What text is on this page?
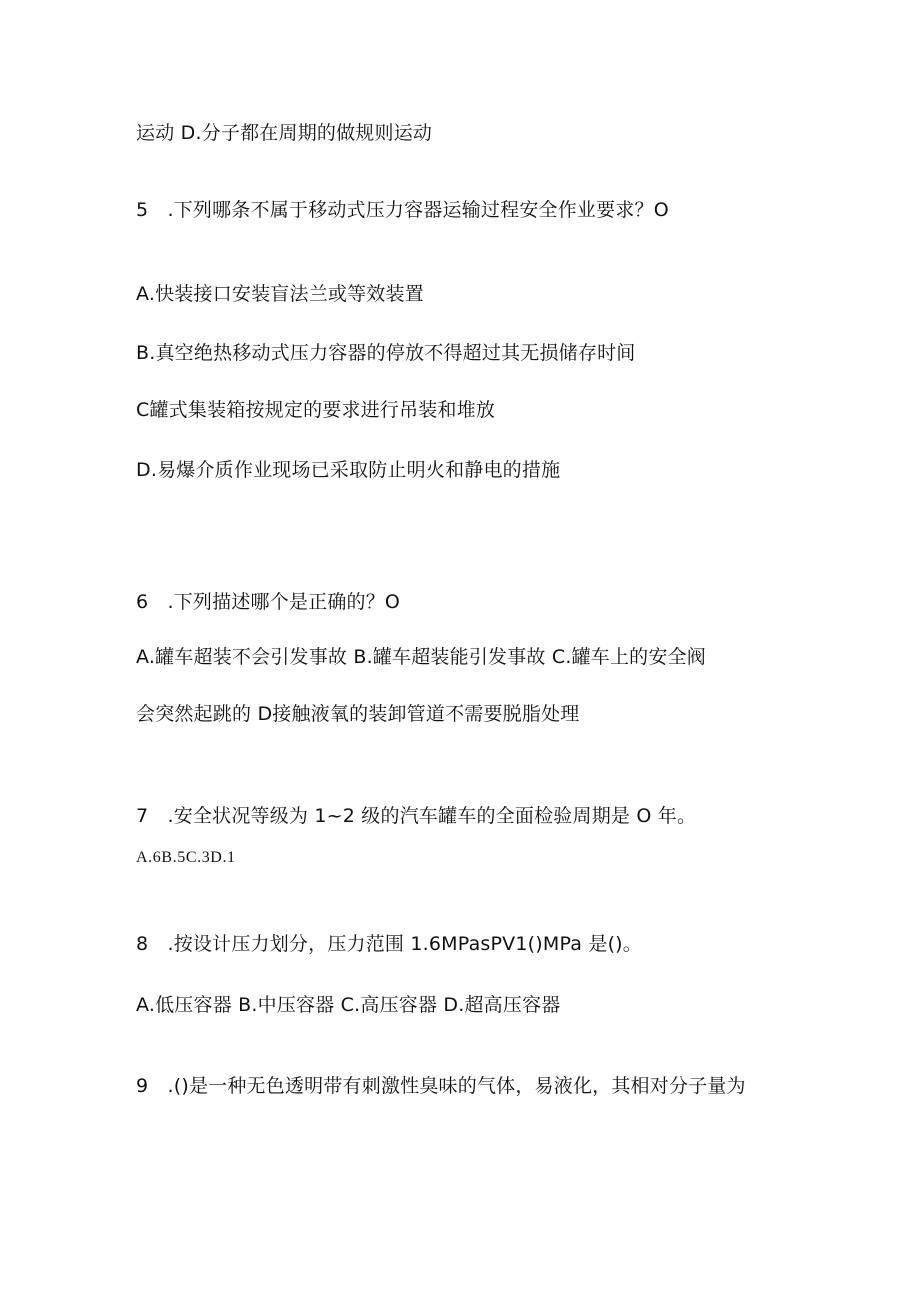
运动 D.分子都在周期的做规则运动
5　.下列哪条不属于移动式压力容器运输过程安全作业要求？O
A.快装接口安装盲法兰或等效装置
B.真空绝热移动式压力容器的停放不得超过其无损储存时间
C罐式集装箱按规定的要求进行吊装和堆放
D.易爆介质作业现场已采取防止明火和静电的措施
6　.下列描述哪个是正确的？O
A.罐车超装不会引发事故 B.罐车超装能引发事故 C.罐车上的安全阀
会突然起跳的 D接触液氧的装卸管道不需要脱脂处理
7　.安全状况等级为 1~2 级的汽车罐车的全面检验周期是 O 年。
A.6B.5C.3D.1
8　.按设计压力划分，压力范围 1.6MPasPV1()MPa 是()。
A.低压容器 B.中压容器 C.高压容器 D.超高压容器
9　.()是一种无色透明带有刺激性臭味的气体，易液化，其相对分子量为
